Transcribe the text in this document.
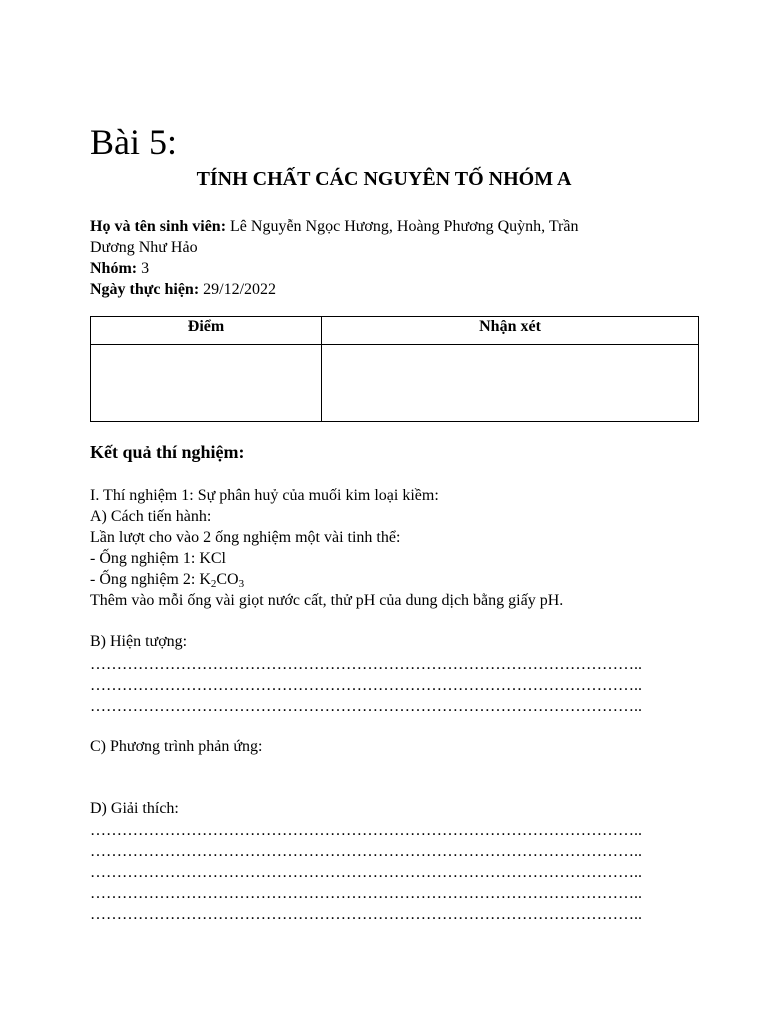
Bài 5:
TÍNH CHẤT CÁC NGUYÊN TỐ NHÓM A
Họ và tên sinh viên: Lê Nguyễn Ngọc Hương, Hoàng Phương Quỳnh, Trần
Dương Như Hảo
Nhóm: 3
Ngày thực hiện: 29/12/2022
Điểm	Nhận xét

Kết quả thí nghiệm:
I. Thí nghiệm 1: Sự phân huỷ của muối kim loại kiềm:
A) Cách tiến hành:
Lần lượt cho vào 2 ống nghiệm một vài tinh thể:
- Ống nghiệm 1: KCl
- Ống nghiệm 2: $K_2CO_3$
Thêm vào mỗi ống vài giọt nước cất, thử pH của dung dịch bằng giấy pH.
B) Hiện tượng:
…………………………………………………………………………………………..
…………………………………………………………………………………………..
…………………………………………………………………………………………..
C) Phương trình phản ứng:
D) Giải thích:
…………………………………………………………………………………………..
…………………………………………………………………………………………..
…………………………………………………………………………………………..
…………………………………………………………………………………………..
…………………………………………………………………………………………..
